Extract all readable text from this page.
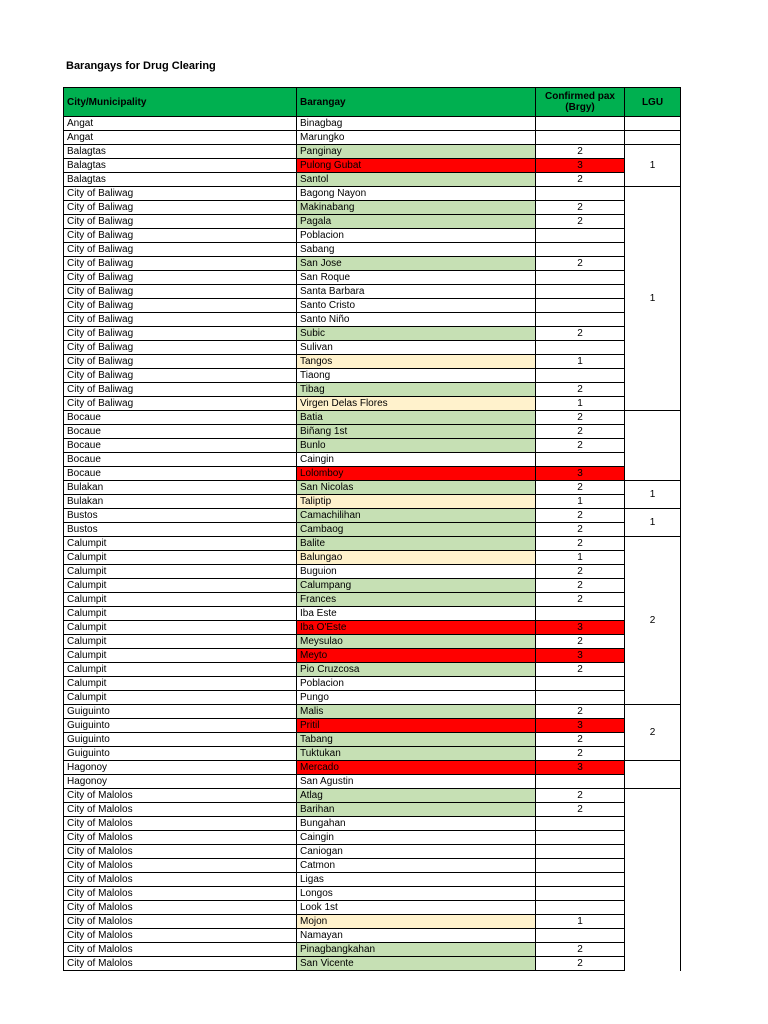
Barangays for Drug Clearing
City/Municipality	Barangay	Confirmed pax (Brgy)	LGU
Angat	Binagbag		
Angat	Marungko		
Balagtas	Panginay	2	1
Balagtas	Pulong Gubat	3	
Balagtas	Santol	2	
City of Baliwag	Bagong Nayon		1
City of Baliwag	Makinabang	2	
City of Baliwag	Pagala	2	
City of Baliwag	Poblacion		
City of Baliwag	Sabang		
City of Baliwag	San Jose	2	
City of Baliwag	San Roque		
City of Baliwag	Santa Barbara		
City of Baliwag	Santo Cristo		
City of Baliwag	Santo Niño		
City of Baliwag	Subic	2	
City of Baliwag	Sulivan		
City of Baliwag	Tangos	1	
City of Baliwag	Tiaong		
City of Baliwag	Tibag	2	
City of Baliwag	Virgen Delas Flores	1	
Bocaue	Batia	2	
Bocaue	Biñang 1st	2	
Bocaue	Bunlo	2	
Bocaue	Caingin		
Bocaue	Lolomboy	3	
Bulakan	San Nicolas	2	1
Bulakan	Taliptip	1	
Bustos	Camachilihan	2	1
Bustos	Cambaog	2	
Calumpit	Balite	2	2
Calumpit	Balungao	1	
Calumpit	Buguion	2	
Calumpit	Calumpang	2	
Calumpit	Frances	2	
Calumpit	Iba Este		
Calumpit	Iba O'Este	3	
Calumpit	Meysulao	2	
Calumpit	Meyto	3	
Calumpit	Pio Cruzcosa	2	
Calumpit	Poblacion		
Calumpit	Pungo		
Guiguinto	Malis	2	2
Guiguinto	Pritil	3	
Guiguinto	Tabang	2	
Guiguinto	Tuktukan	2	
Hagonoy	Mercado	3	
Hagonoy	San Agustin		
City of Malolos	Atlag	2	
City of Malolos	Barihan	2	
City of Malolos	Bungahan		
City of Malolos	Caingin		
City of Malolos	Caniogan		
City of Malolos	Catmon		
City of Malolos	Ligas		
City of Malolos	Longos		
City of Malolos	Look 1st		
City of Malolos	Mojon	1	
City of Malolos	Namayan		
City of Malolos	Pinagbangkahan	2	
City of Malolos	San Vicente	2	
